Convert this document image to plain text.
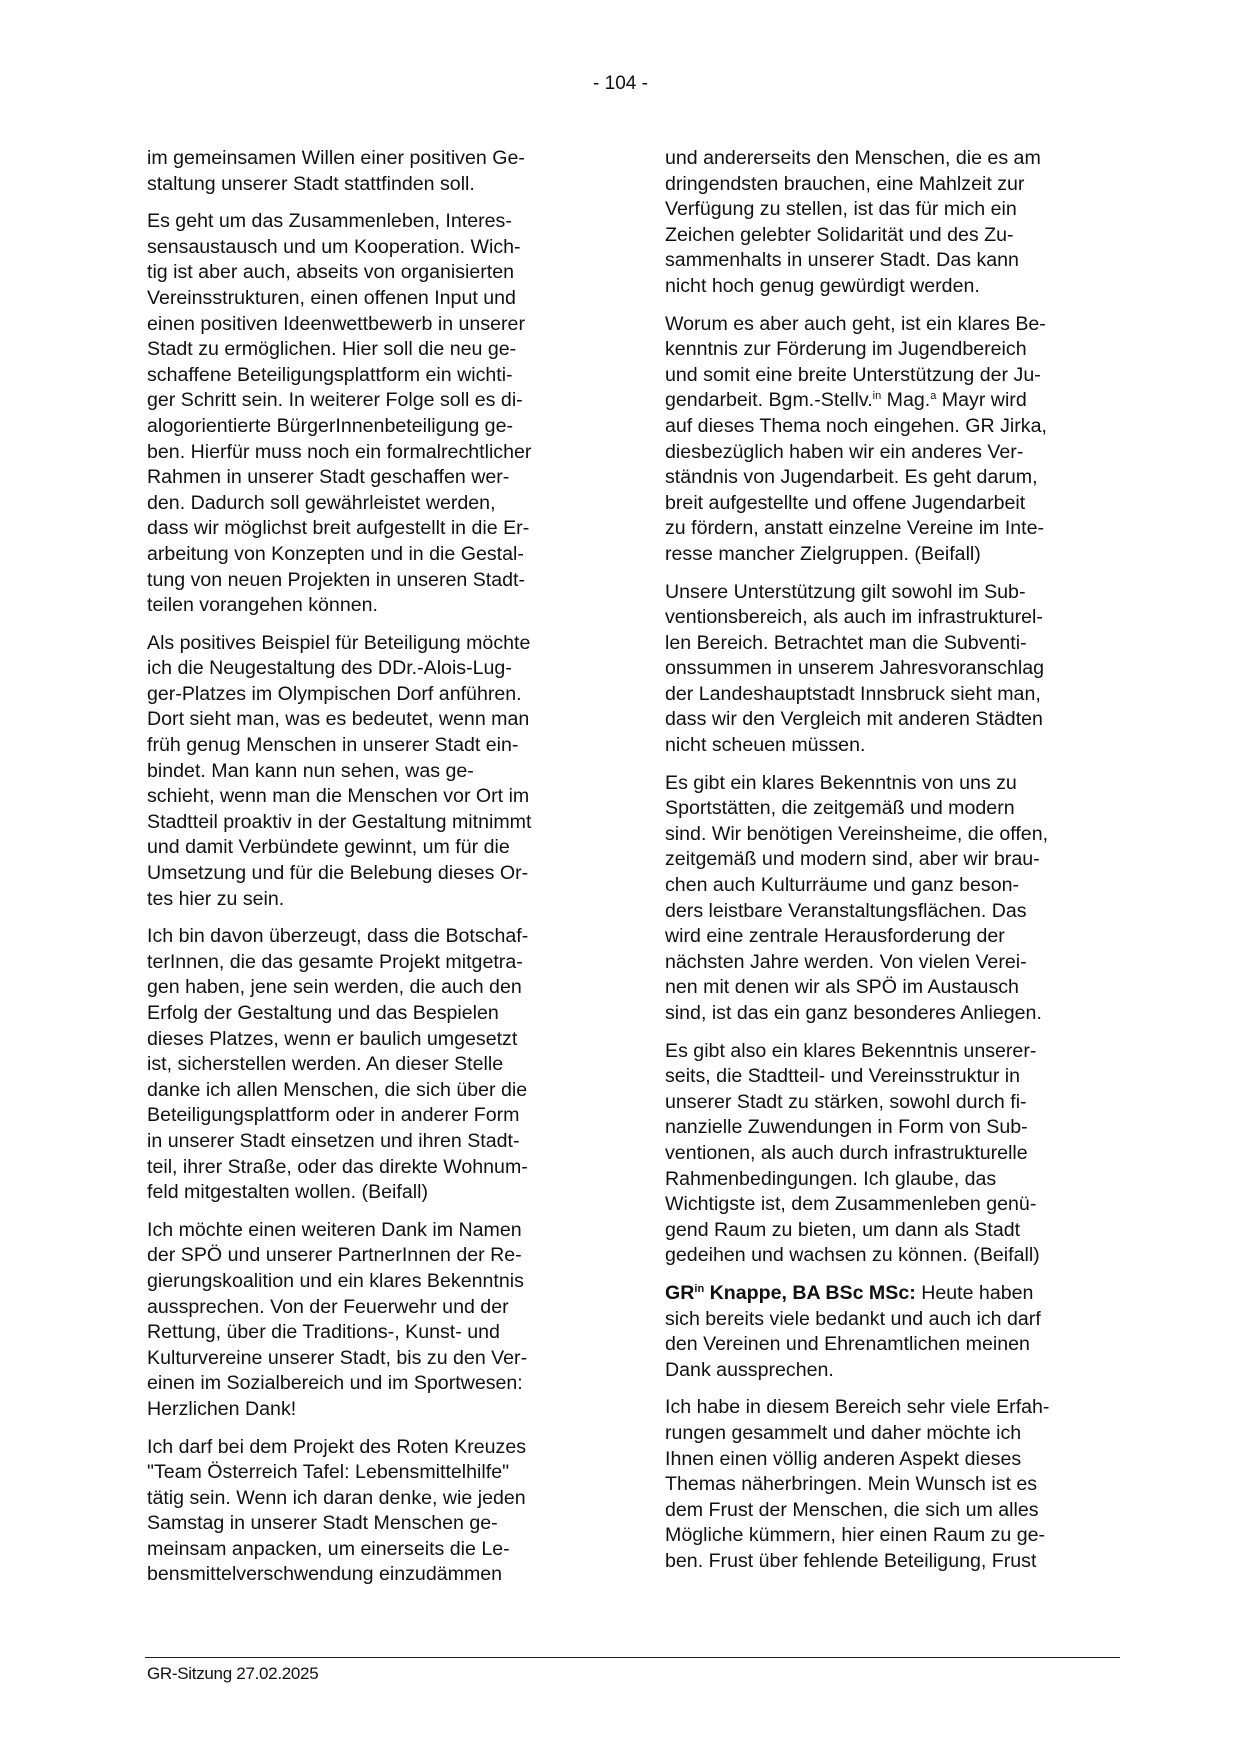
- 104 -
im gemeinsamen Willen einer positiven Ge-
staltung unserer Stadt stattfinden soll.
Es geht um das Zusammenleben, Interes-
sensaustausch und um Kooperation. Wich-
tig ist aber auch, abseits von organisierten
Vereinsstrukturen, einen offenen Input und
einen positiven Ideenwettbewerb in unserer
Stadt zu ermöglichen. Hier soll die neu ge-
schaffene Beteiligungsplattform ein wichti-
ger Schritt sein. In weiterer Folge soll es di-
alogorientierte BürgerInnenbeteiligung ge-
ben. Hierfür muss noch ein formalrechtlicher
Rahmen in unserer Stadt geschaffen wer-
den. Dadurch soll gewährleistet werden,
dass wir möglichst breit aufgestellt in die Er-
arbeitung von Konzepten und in die Gestal-
tung von neuen Projekten in unseren Stadt-
teilen vorangehen können.
Als positives Beispiel für Beteiligung möchte
ich die Neugestaltung des DDr.-Alois-Lug-
ger-Platzes im Olympischen Dorf anführen.
Dort sieht man, was es bedeutet, wenn man
früh genug Menschen in unserer Stadt ein-
bindet. Man kann nun sehen, was ge-
schieht, wenn man die Menschen vor Ort im
Stadtteil proaktiv in der Gestaltung mitnimmt
und damit Verbündete gewinnt, um für die
Umsetzung und für die Belebung dieses Or-
tes hier zu sein.
Ich bin davon überzeugt, dass die Botschaf-
terInnen, die das gesamte Projekt mitgetra-
gen haben, jene sein werden, die auch den
Erfolg der Gestaltung und das Bespielen
dieses Platzes, wenn er baulich umgesetzt
ist, sicherstellen werden. An dieser Stelle
danke ich allen Menschen, die sich über die
Beteiligungsplattform oder in anderer Form
in unserer Stadt einsetzen und ihren Stadt-
teil, ihrer Straße, oder das direkte Wohnum-
feld mitgestalten wollen. (Beifall)
Ich möchte einen weiteren Dank im Namen
der SPÖ und unserer PartnerInnen der Re-
gierungskoalition und ein klares Bekenntnis
aussprechen. Von der Feuerwehr und der
Rettung, über die Traditions-, Kunst- und
Kulturvereine unserer Stadt, bis zu den Ver-
einen im Sozialbereich und im Sportwesen:
Herzlichen Dank!
Ich darf bei dem Projekt des Roten Kreuzes
"Team Österreich Tafel: Lebensmittelhilfe"
tätig sein. Wenn ich daran denke, wie jeden
Samstag in unserer Stadt Menschen ge-
meinsam anpacken, um einerseits die Le-
bensmittelverschwendung einzudämmen
und andererseits den Menschen, die es am
dringendsten brauchen, eine Mahlzeit zur
Verfügung zu stellen, ist das für mich ein
Zeichen gelebter Solidarität und des Zu-
sammenhalts in unserer Stadt. Das kann
nicht hoch genug gewürdigt werden.
Worum es aber auch geht, ist ein klares Be-
kenntnis zur Förderung im Jugendbereich
und somit eine breite Unterstützung der Ju-
gendarbeit. Bgm.-Stellv.$^{in}$ Mag.$^a$ Mayr wird
auf dieses Thema noch eingehen. GR Jirka,
diesbezüglich haben wir ein anderes Ver-
ständnis von Jugendarbeit. Es geht darum,
breit aufgestellte und offene Jugendarbeit
zu fördern, anstatt einzelne Vereine im Inte-
resse mancher Zielgruppen. (Beifall)
Unsere Unterstützung gilt sowohl im Sub-
ventionsbereich, als auch im infrastrukturel-
len Bereich. Betrachtet man die Subventi-
onssummen in unserem Jahresvoranschlag
der Landeshauptstadt Innsbruck sieht man,
dass wir den Vergleich mit anderen Städten
nicht scheuen müssen.
Es gibt ein klares Bekenntnis von uns zu
Sportstätten, die zeitgemäß und modern
sind. Wir benötigen Vereinsheime, die offen,
zeitgemäß und modern sind, aber wir brau-
chen auch Kulturräume und ganz beson-
ders leistbare Veranstaltungsflächen. Das
wird eine zentrale Herausforderung der
nächsten Jahre werden. Von vielen Verei-
nen mit denen wir als SPÖ im Austausch
sind, ist das ein ganz besonderes Anliegen.
Es gibt also ein klares Bekenntnis unserer-
seits, die Stadtteil- und Vereinsstruktur in
unserer Stadt zu stärken, sowohl durch fi-
nanzielle Zuwendungen in Form von Sub-
ventionen, als auch durch infrastrukturelle
Rahmenbedingungen. Ich glaube, das
Wichtigste ist, dem Zusammenleben genü-
gend Raum zu bieten, um dann als Stadt
gedeihen und wachsen zu können. (Beifall)
$GR^{in}$ Knappe, BA BSc MSc: Heute haben
sich bereits viele bedankt und auch ich darf
den Vereinen und Ehrenamtlichen meinen
Dank aussprechen.
Ich habe in diesem Bereich sehr viele Erfah-
rungen gesammelt und daher möchte ich
Ihnen einen völlig anderen Aspekt dieses
Themas näherbringen. Mein Wunsch ist es
dem Frust der Menschen, die sich um alles
Mögliche kümmern, hier einen Raum zu ge-
ben. Frust über fehlende Beteiligung, Frust
GR-Sitzung 27.02.2025
